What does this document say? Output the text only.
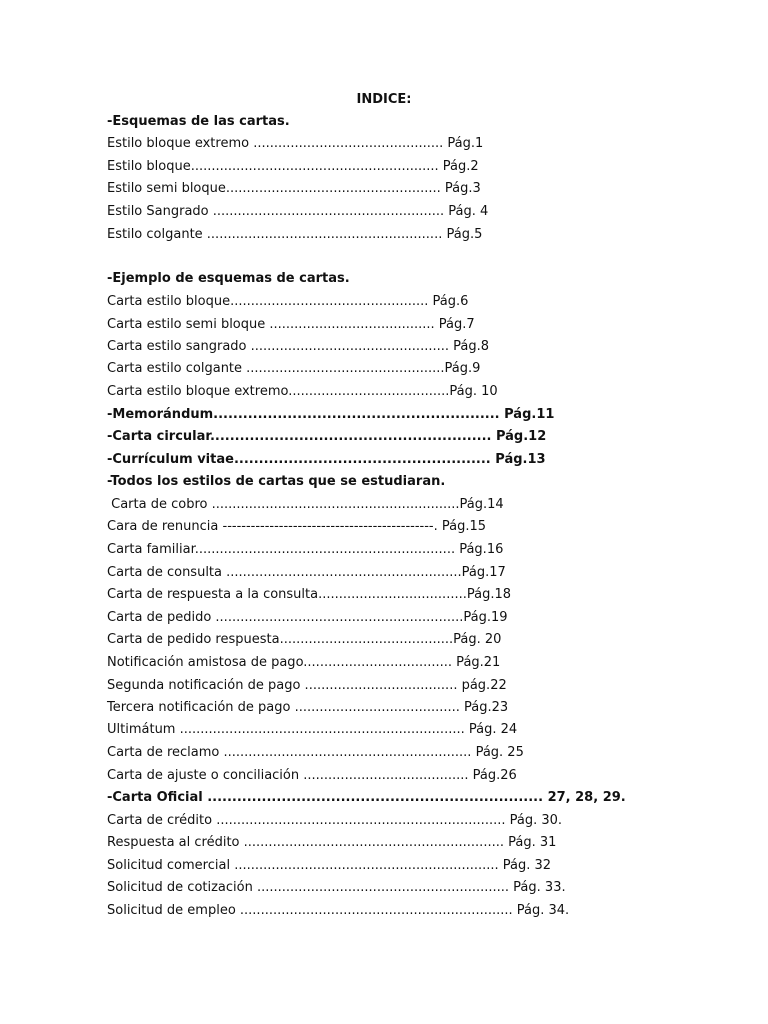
INDICE:
-Esquemas de las cartas.
Estilo bloque extremo .............................................. Pág.1
Estilo bloque............................................................ Pág.2
Estilo semi bloque.................................................... Pág.3
Estilo Sangrado ........................................................ Pág. 4
Estilo colgante ......................................................... Pág.5
-Ejemplo de esquemas de cartas.
Carta estilo bloque................................................ Pág.6
Carta estilo semi bloque ........................................ Pág.7
Carta estilo sangrado ................................................ Pág.8
Carta estilo colgante ................................................Pág.9
Carta estilo bloque extremo.......................................Pág. 10
-Memorándum.......................................................... Pág.11
-Carta circular......................................................... Pág.12
-Currículum vitae.................................................... Pág.13
-Todos los estilos de cartas que se estudiaran.
Carta de cobro ............................................................Pág.14
Cara de renuncia ---------------------------------------------. Pág.15
Carta familiar............................................................... Pág.16
Carta de consulta .........................................................Pág.17
Carta de respuesta a la consulta....................................Pág.18
Carta de pedido ............................................................Pág.19
Carta de pedido respuesta..........................................Pág. 20
Notificación amistosa de pago.................................... Pág.21
Segunda notificación de pago ..................................... pág.22
Tercera notificación de pago ........................................ Pág.23
Ultimátum ..................................................................... Pág. 24
Carta de reclamo ............................................................ Pág. 25
Carta de ajuste o conciliación ........................................ Pág.26
-Carta Oficial .................................................................... 27, 28, 29.
Carta de crédito ...................................................................... Pág. 30.
Respuesta al crédito ............................................................... Pág. 31
Solicitud comercial ................................................................ Pág. 32
Solicitud de cotización ............................................................. Pág. 33.
Solicitud de empleo .................................................................. Pág. 34.
